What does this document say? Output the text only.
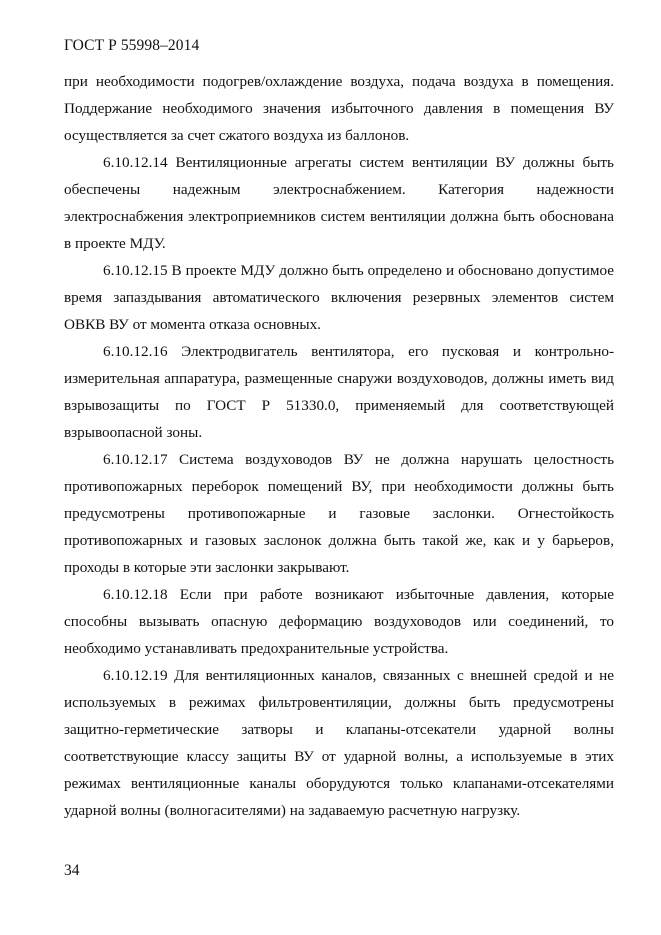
ГОСТ Р 55998–2014

при необходимости подогрев/охлаждение воздуха, подача воздуха в помещения. Поддержание необходимого значения избыточного давления в помещения ВУ осуществляется за счет сжатого воздуха из баллонов.

6.10.12.14 Вентиляционные агрегаты систем вентиляции ВУ должны быть обеспечены надежным электроснабжением. Категория надежности электроснабжения электроприемников систем вентиляции должна быть обоснована в проекте МДУ.

6.10.12.15 В проекте МДУ должно быть определено и обосновано допустимое время запаздывания автоматического включения резервных элементов систем ОВКВ ВУ от момента отказа основных.

6.10.12.16 Электродвигатель вентилятора, его пусковая и контрольно-измерительная аппаратура, размещенные снаружи воздуховодов, должны иметь вид взрывозащиты по ГОСТ Р 51330.0, применяемый для соответствующей взрывоопасной зоны.

6.10.12.17 Система воздуховодов ВУ не должна нарушать целостность противопожарных переборок помещений ВУ, при необходимости должны быть предусмотрены противопожарные и газовые заслонки. Огнестойкость противопожарных и газовых заслонок должна быть такой же, как и у барьеров, проходы в которые эти заслонки закрывают.

6.10.12.18 Если при работе возникают избыточные давления, которые способны вызывать опасную деформацию воздуховодов или соединений, то необходимо устанавливать предохранительные устройства.

6.10.12.19 Для вентиляционных каналов, связанных с внешней средой и не используемых в режимах фильтровентиляции, должны быть предусмотрены защитно-герметические затворы и клапаны-отсекатели ударной волны соответствующие классу защиты ВУ от ударной волны, а используемые в этих режимах вентиляционные каналы оборудуются только клапанами-отсекателями ударной волны (волногасителями) на задаваемую расчетную нагрузку.

34
